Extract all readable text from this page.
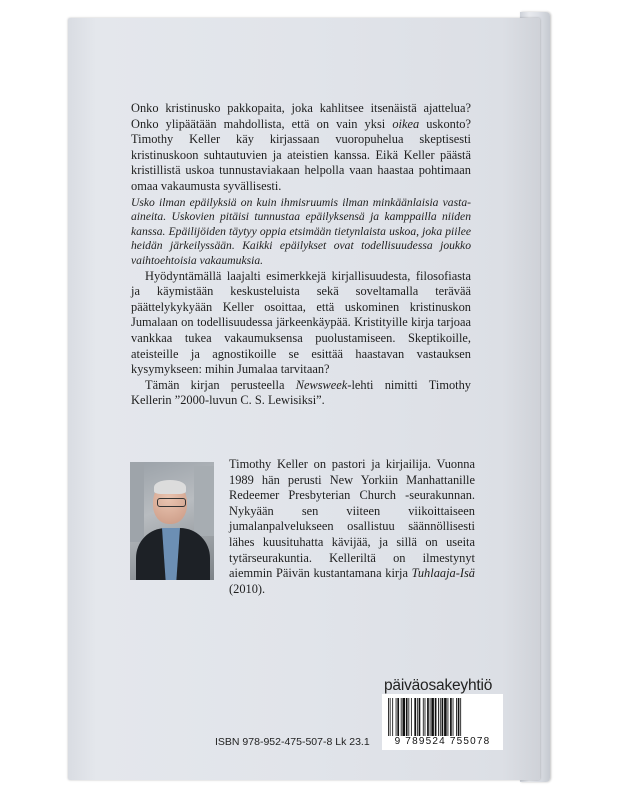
Onko kristinusko pakkopaita, joka kahlitsee itsenäistä ajattelua? Onko ylipäätään mahdollista, että on vain yksi oikea uskonto? Timothy Keller käy kirjassaan vuoropuhelua skeptisesti kristinuskoon suhtautuvien ja ateistien kanssa. Eikä Keller päästä kristillistä uskoa tunnustaviakaan helpolla vaan haastaa pohtimaan omaa vakaumusta syvällisesti.

Usko ilman epäilyksiä on kuin ihmisruumis ilman minkäänlaisia vasta-aineita. Uskovien pitäisi tunnustaa epäilyksensä ja kamppailla niiden kanssa. Epäilijöiden täytyy oppia etsimään tietynlaista uskoa, joka piilee heidän järkeilyssään. Kaikki epäilykset ovat todellisuudessa joukko vaihtoehtoisia vakaumuksia.

Hyödyntämällä laajalti esimerkkejä kirjallisuudesta, filosofiasta ja käymistään keskusteluista sekä soveltamalla terävää päättelykykyään Keller osoittaa, että uskominen kristinuskon Jumalaan on todellisuudessa järkeenkäypää. Kristityille kirja tarjoaa vankkaa tukea vakaumuksensa puolustamiseen. Skeptikoille, ateisteille ja agnostikoille se esittää haastavan vastauksen kysymykseen: mihin Jumalaa tarvitaan?

Tämän kirjan perusteella Newsweek-lehti nimitti Timothy Kellerin ”2000-luvun C. S. Lewisiksi”.

Timothy Keller on pastori ja kirjailija. Vuonna 1989 hän perusti New Yorkiin Manhattanille Redeemer Presbyterian Church -seurakunnan. Nykyään sen viiteen viikoittaiseen jumalanpalvelukseen osallistuu säännöllisesti lähes kuusituhatta kävijää, ja sillä on useita tytärseurakuntia. Kelleriltä on ilmestynyt aiemmin Päivän kustantamana kirja Tuhlaaja-Isä (2010).
päiväosakeyhtiö
9 789524 755078
ISBN 978-952-475-507-8 Lk 23.1
